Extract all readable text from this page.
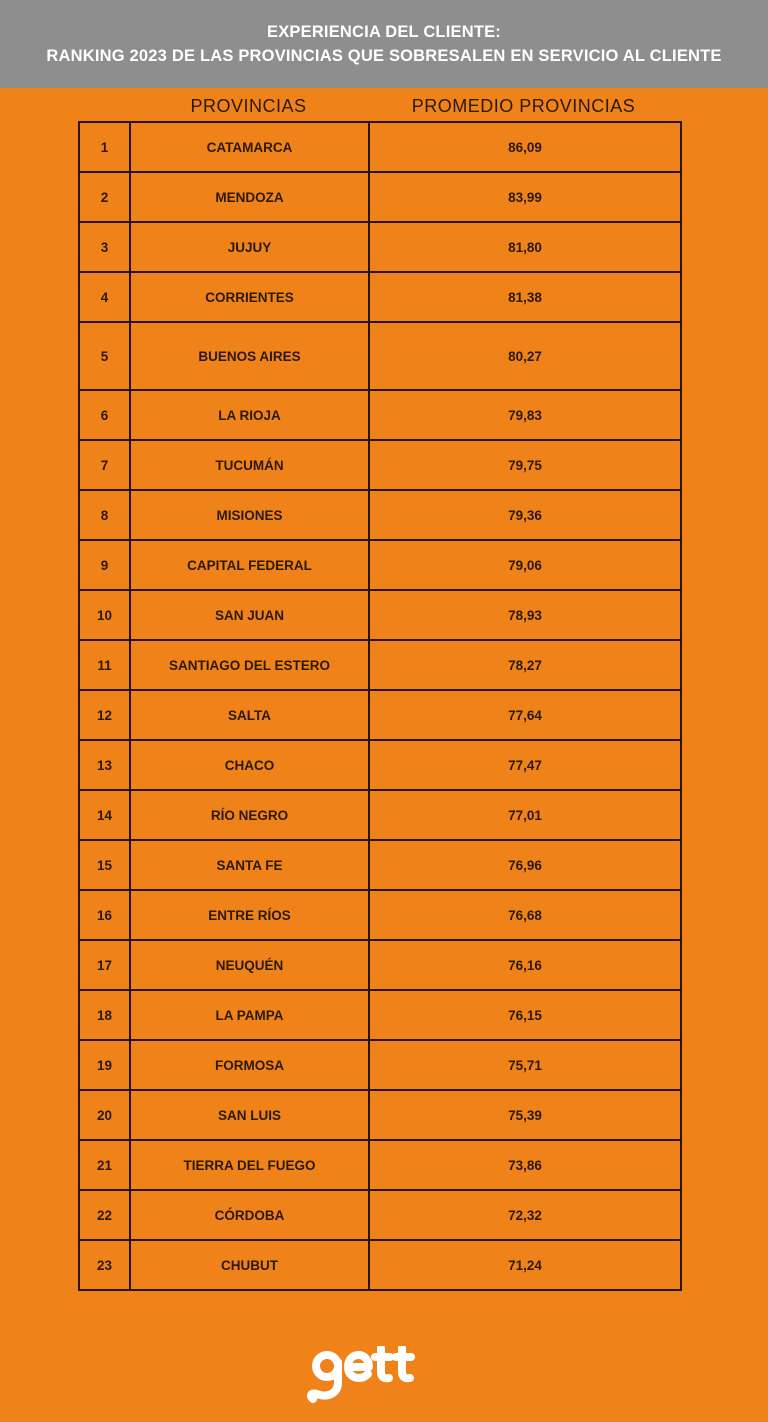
EXPERIENCIA DEL CLIENTE:
RANKING 2023 DE LAS PROVINCIAS QUE SOBRESALEN EN SERVICIO AL CLIENTE
PROVINCIAS	PROMEDIO PROVINCIAS
1	CATAMARCA	86,09
2	MENDOZA	83,99
3	JUJUY	81,80
4	CORRIENTES	81,38
5	BUENOS AIRES	80,27
6	LA RIOJA	79,83
7	TUCUMÁN	79,75
8	MISIONES	79,36
9	CAPITAL FEDERAL	79,06
10	SAN JUAN	78,93
11	SANTIAGO DEL ESTERO	78,27
12	SALTA	77,64
13	CHACO	77,47
14	RÍO NEGRO	77,01
15	SANTA FE	76,96
16	ENTRE RÍOS	76,68
17	NEUQUÉN	76,16
18	LA PAMPA	76,15
19	FORMOSA	75,71
20	SAN LUIS	75,39
21	TIERRA DEL FUEGO	73,86
22	CÓRDOBA	72,32
23	CHUBUT	71,24
